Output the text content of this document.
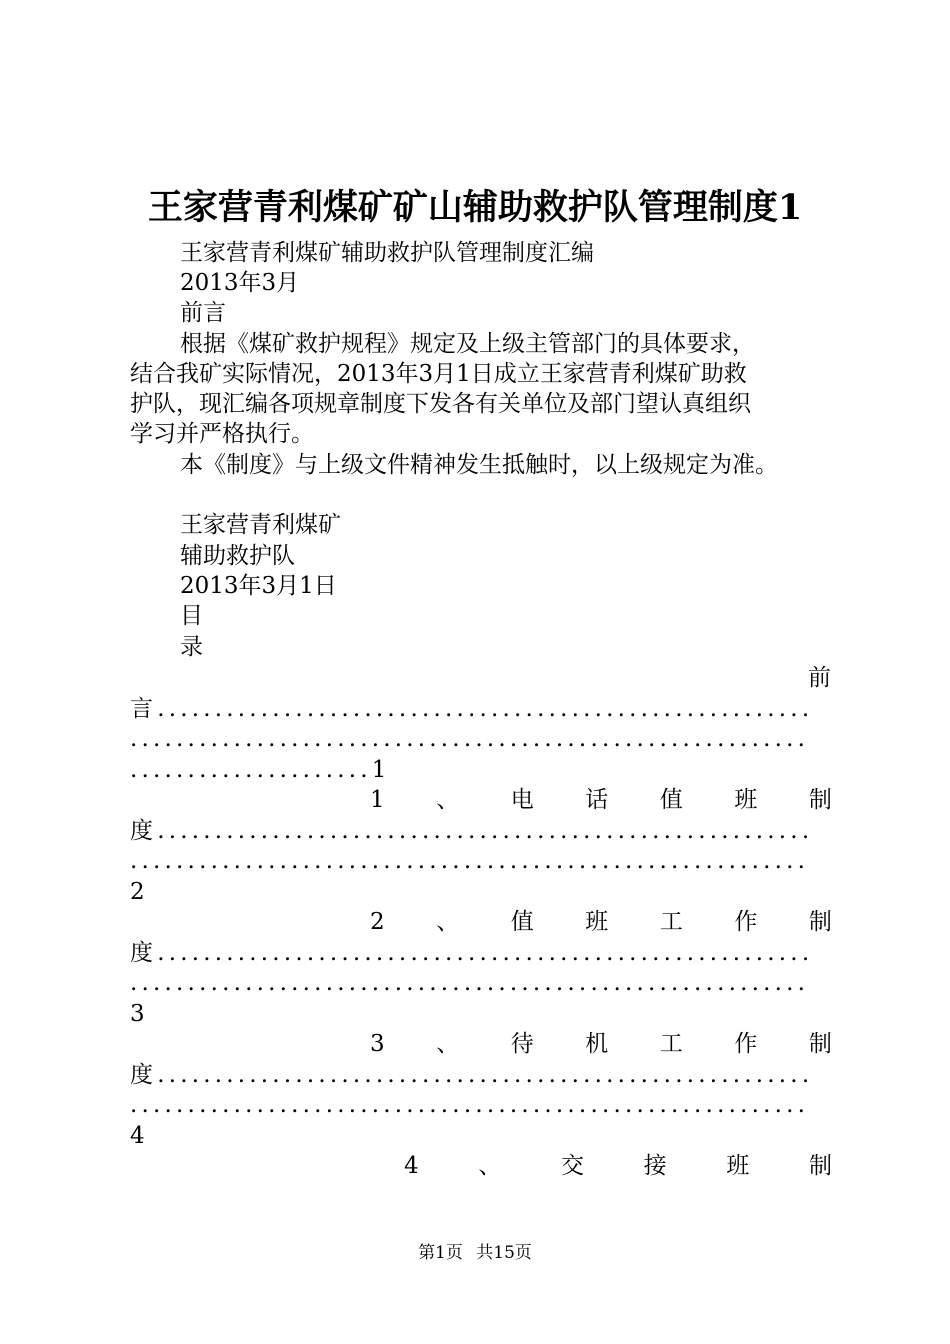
王家营青利煤矿矿山辅助救护队管理制度1
王家营青利煤矿辅助救护队管理制度汇编
2013年3月
前言
根据《煤矿救护规程》规定及上级主管部门的具体要求，
结合我矿实际情况，2013年3月1日成立王家营青利煤矿助救
护队，现汇编各项规章制度下发各有关单位及部门望认真组织
学习并严格执行。
本《制度》与上级文件精神发生抵触时，以上级规定为准。
王家营青利煤矿
辅助救护队
2013年3月1日
目
录
前
言.........................................................
...........................................................
.....................1
1 、 电 话 值 班 制
度.........................................................
...........................................................
2
2 、 值 班 工 作 制
度.........................................................
...........................................................
3
3 、 待 机 工 作 制
度.........................................................
...........................................................
4
4	、	交	接	班	制
第1页 共15页
